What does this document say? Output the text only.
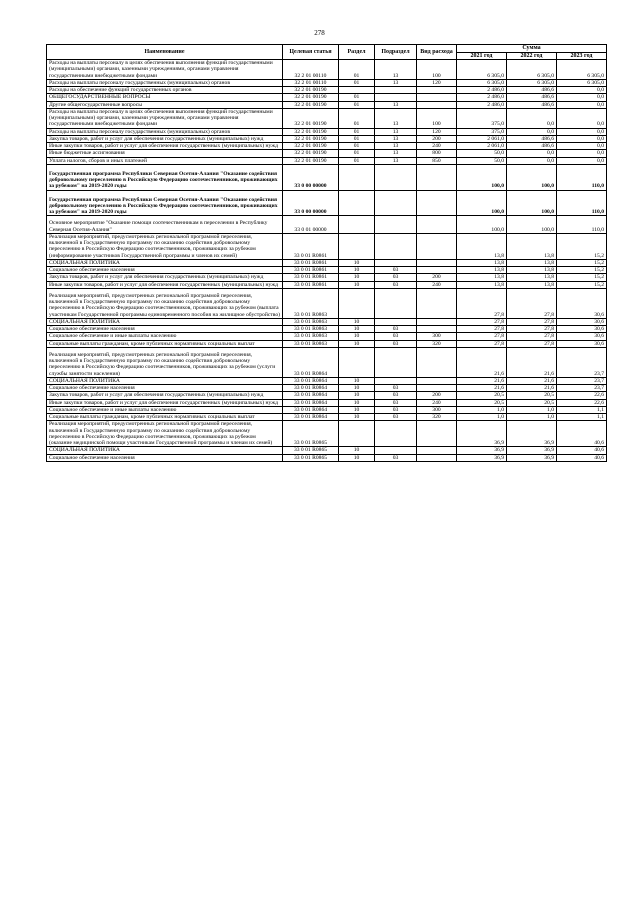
278
Наименование	Целевая статья	Раздел	Подраздел	Вид расхода	Сумма		
					2021 год	2022 год	2023 год
Расходы на выплаты персоналу в целях обеспечения выполнения функций государственными (муниципальными) органами, казенными учреждениями, органами управления государственными внебюджетными фондами	32 2 01 00110	01	13	100	6 305,0	6 305,0	6 305,0
Расходы на выплаты персоналу государственных (муниципальных) органов	32 2 01 00110	01	13	120	6 305,0	6 305,0	6 305,0
Расходы на обеспечение функций государственных органов	32 2 01 00190				2 486,0	486,6	0,0
ОБЩЕГОСУДАРСТВЕННЫЕ ВОПРОСЫ	32 2 01 00190	01			2 486,0	486,6	0,0
Другие общегосударственные вопросы	32 2 01 00190	01	13		2 486,0	486,6	0,0
Расходы на выплаты персоналу в целях обеспечения выполнения функций государственными (муниципальными) органами, казенными учреждениями, органами управления государственными внебюджетными фондами	32 2 01 00190	01	13	100	375,0	0,0	0,0
Расходы на выплаты персоналу государственных (муниципальных) органов	32 2 01 00190	01	13	120	375,0	0,0	0,0
Закупка товаров, работ и услуг для обеспечения государственных (муниципальных) нужд	32 2 01 00190	01	13	200	2 061,0	486,6	0,0
Иные закупки товаров, работ и услуг для обеспечения государственных (муниципальных) нужд	32 2 01 00190	01	13	240	2 061,0	486,6	0,0
Иные бюджетные ассигнования	32 2 01 00190	01	13	800	50,0	0,0	0,0
Уплата налогов, сборов и иных платежей	32 2 01 00190	01	13	850	50,0	0,0	0,0
Государственная программа Республики Северная Осетия-Алания "Оказание содействия добровольному переселению в Российскую Федерацию соотечественников, проживающих за рубежом" на 2019-2020 годы	33 0 00 00000				100,0	100,0	110,0
Государственная программа Республики Северная Осетия-Алания "Оказание содействия добровольному переселению в Российскую Федерацию соотечественников, проживающих за рубежом" на 2019-2020 годы	33 0 00 00000				100,0	100,0	110,0
Основное мероприятие "Оказание помощи соотечественникам в переселении в Республику Северная Осетия-Алания"	33 0 01 00000				100,0	100,0	110,0
Реализация мероприятий, предусмотренных региональной программой переселения, включенной в Государственную программу по оказанию содействия добровольному переселению в Российскую Федерацию соотечественников, проживающих за рубежом (информирование участников Государственной программы и членов их семей)	33 0 01 R0861				13,8	13,8	15,2
СОЦИАЛЬНАЯ ПОЛИТИКА	33 0 01 R0861	10			13,8	13,8	15,2
Социальное обеспечение населения	33 0 01 R0861	10	03		13,8	13,8	15,2
Закупка товаров, работ и услуг для обеспечения государственных (муниципальных) нужд	33 0 01 R0861	10	03	200	13,8	13,8	15,2
Иные закупки товаров, работ и услуг для обеспечения государственных (муниципальных) нужд	33 0 01 R0861	10	03	240	13,8	13,8	15,2
Реализация мероприятий, предусмотренных региональной программой переселения, включенной в Государственную программу по оказанию содействия добровольному переселению в Российскую Федерацию соотечественников, проживающих за рубежом (выплата участникам Государственной программы единовременного пособия на жилищное обустройство)	33 0 01 R0863				27,8	27,8	30,6
СОЦИАЛЬНАЯ ПОЛИТИКА	33 0 01 R0863	10			27,8	27,8	30,6
Социальное обеспечение населения	33 0 01 R0863	10	03		27,8	27,8	30,6
Социальное обеспечение и иные выплаты населению	33 0 01 R0863	10	03	300	27,8	27,8	30,6
Социальные выплаты гражданам, кроме публичных нормативных социальных выплат	33 0 01 R0863	10	03	320	27,8	27,8	30,6
Реализация мероприятий, предусмотренных региональной программой переселения, включенной в Государственную программу по оказанию содействия добровольному переселению в Российскую Федерацию соотечественников, проживающих за рубежом (услуги службы занятости населения)	33 0 01 R0864				21,6	21,6	23,7
СОЦИАЛЬНАЯ ПОЛИТИКА	33 0 01 R0864	10			21,6	21,6	23,7
Социальное обеспечение населения	33 0 01 R0864	10	03		21,6	21,6	23,7
Закупка товаров, работ и услуг для обеспечения государственных (муниципальных) нужд	33 0 01 R0864	10	03	200	20,5	20,5	22,6
Иные закупки товаров, работ и услуг для обеспечения государственных (муниципальных) нужд	33 0 01 R0864	10	03	240	20,5	20,5	22,6
Социальное обеспечение и иные выплаты населению	33 0 01 R0864	10	03	300	1,0	1,0	1,1
Социальные выплаты гражданам, кроме публичных нормативных социальных выплат	33 0 01 R0864	10	03	320	1,0	1,0	1,1
Реализация мероприятий, предусмотренных региональной программой переселения, включенной в Государственную программу по оказанию содействия добровольному переселению в Российскую Федерацию соотечественников, проживающих за рубежом (оказание медицинской помощи участникам Государственной программы и членам их семей)	33 0 01 R0865				36,9	36,9	40,6
СОЦИАЛЬНАЯ ПОЛИТИКА	33 0 01 R0865	10			36,9	36,9	40,6
Социальное обеспечение населения	33 0 01 R0865	10	03		36,9	36,9	40,6
